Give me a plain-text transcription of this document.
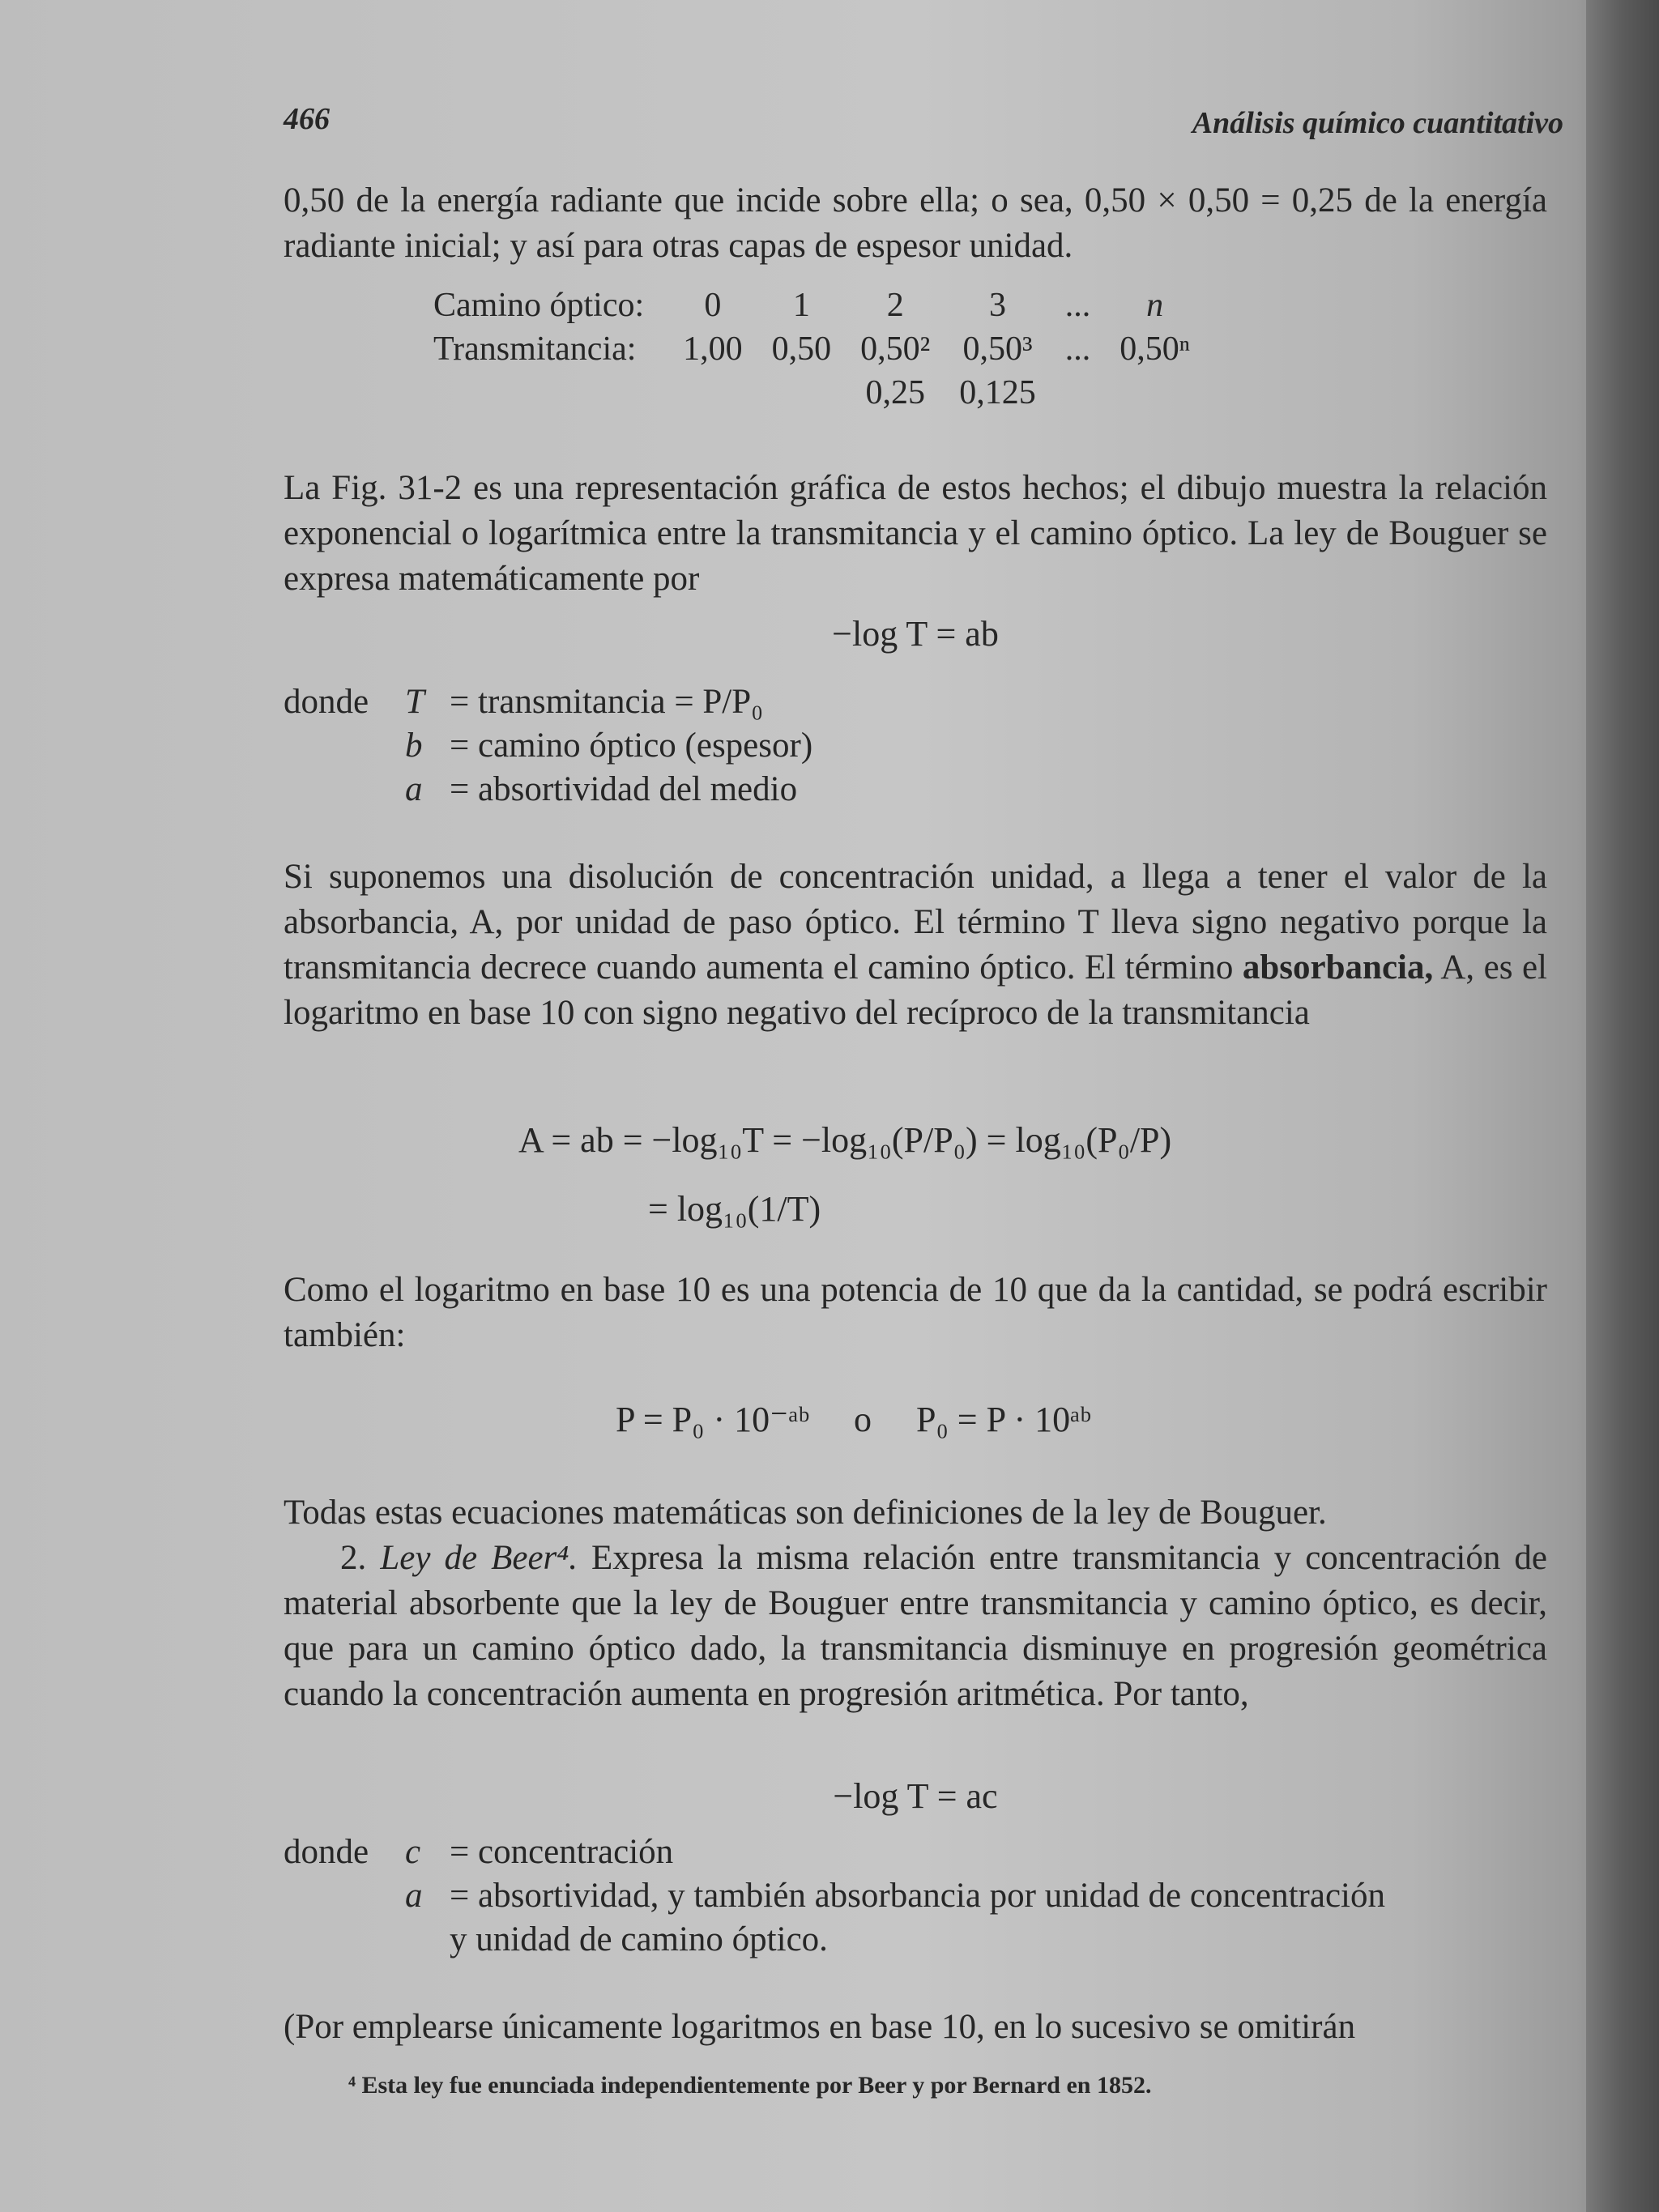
466	Análisis químico cuantitativo
0,50 de la energía radiante que incide sobre ella; o sea, 0,50 × 0,50 = 0,25 de la energía radiante inicial; y así para otras capas de espesor unidad.
Camino óptico:	0	1	2	3	...	n
Transmitancia:	1,00	0,50	0,50²	0,50³	...	0,50ⁿ
			0,25	0,125		
La Fig. 31-2 es una representación gráfica de estos hechos; el dibujo muestra la relación exponencial o logarítmica entre la transmitancia y el camino óptico. La ley de Bouguer se expresa matemáticamente por
−log T = ab
donde	T = transmitancia = P/P₀
b = camino óptico (espesor)
a = absortividad del medio
Si suponemos una disolución de concentración unidad, a llega a tener el valor de la absorbancia, A, por unidad de paso óptico. El término T lleva signo negativo porque la transmitancia decrece cuando aumenta el camino óptico. El término absorbancia, A, es el logaritmo en base 10 con signo negativo del recíproco de la transmitancia
A = ab = −log₁₀T = −log₁₀(P/P₀) = log₁₀(P₀/P)
= log₁₀(1/T)
Como el logaritmo en base 10 es una potencia de 10 que da la cantidad, se podrá escribir también:
P = P₀ · 10⁻ᵃᵇ o P₀ = P · 10ᵃᵇ
Todas estas ecuaciones matemáticas son definiciones de la ley de Bouguer.
2. Ley de Beer⁴. Expresa la misma relación entre transmitancia y concentración de material absorbente que la ley de Bouguer entre transmitancia y camino óptico, es decir, que para un camino óptico dado, la transmitancia disminuye en progresión geométrica cuando la concentración aumenta en progresión aritmética. Por tanto,
−log T = ac
donde	c = concentración
a = absortividad, y también absorbancia por unidad de concentración
y unidad de camino óptico.
(Por emplearse únicamente logaritmos en base 10, en lo sucesivo se omitirán
⁴ Esta ley fue enunciada independientemente por Beer y por Bernard en 1852.
